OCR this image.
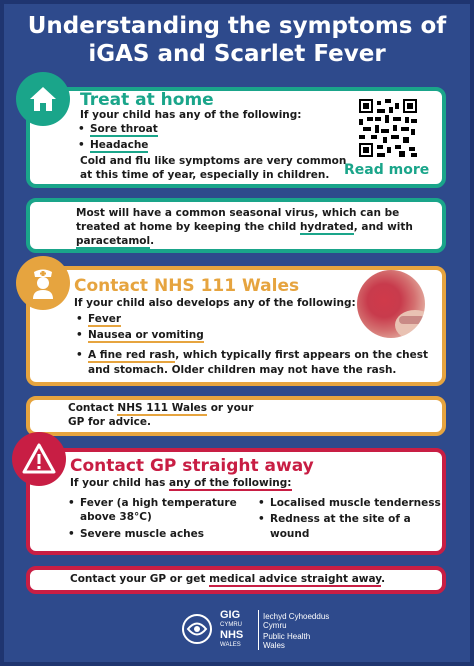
Understanding the symptoms of
iGAS and Scarlet Fever
Treat at home
If your child has any of the following:
• Sore throat
• Headache
Cold and flu like symptoms are very common
at this time of year, especially in children. Read more
Most will have a common seasonal virus, which can be
treated at home by keeping the child hydrated, and with
paracetamol.
Contact NHS 111 Wales
If your child also develops any of the following:
• Fever
• Nausea or vomiting
• A fine red rash, which typically first appears on the chest
and stomach. Older children may not have the rash.
Contact NHS 111 Wales or your
GP for advice.
Contact GP straight away
If your child has any of the following:
• Fever (a high temperature
above 38°C)
• Severe muscle aches
• Localised muscle tenderness
• Redness at the site of a
wound
Contact your GP or get medical advice straight away.
GIG
CYMRU
NHS
WALES
Iechyd Cyhoeddus
Cymru
Public Health
Wales
